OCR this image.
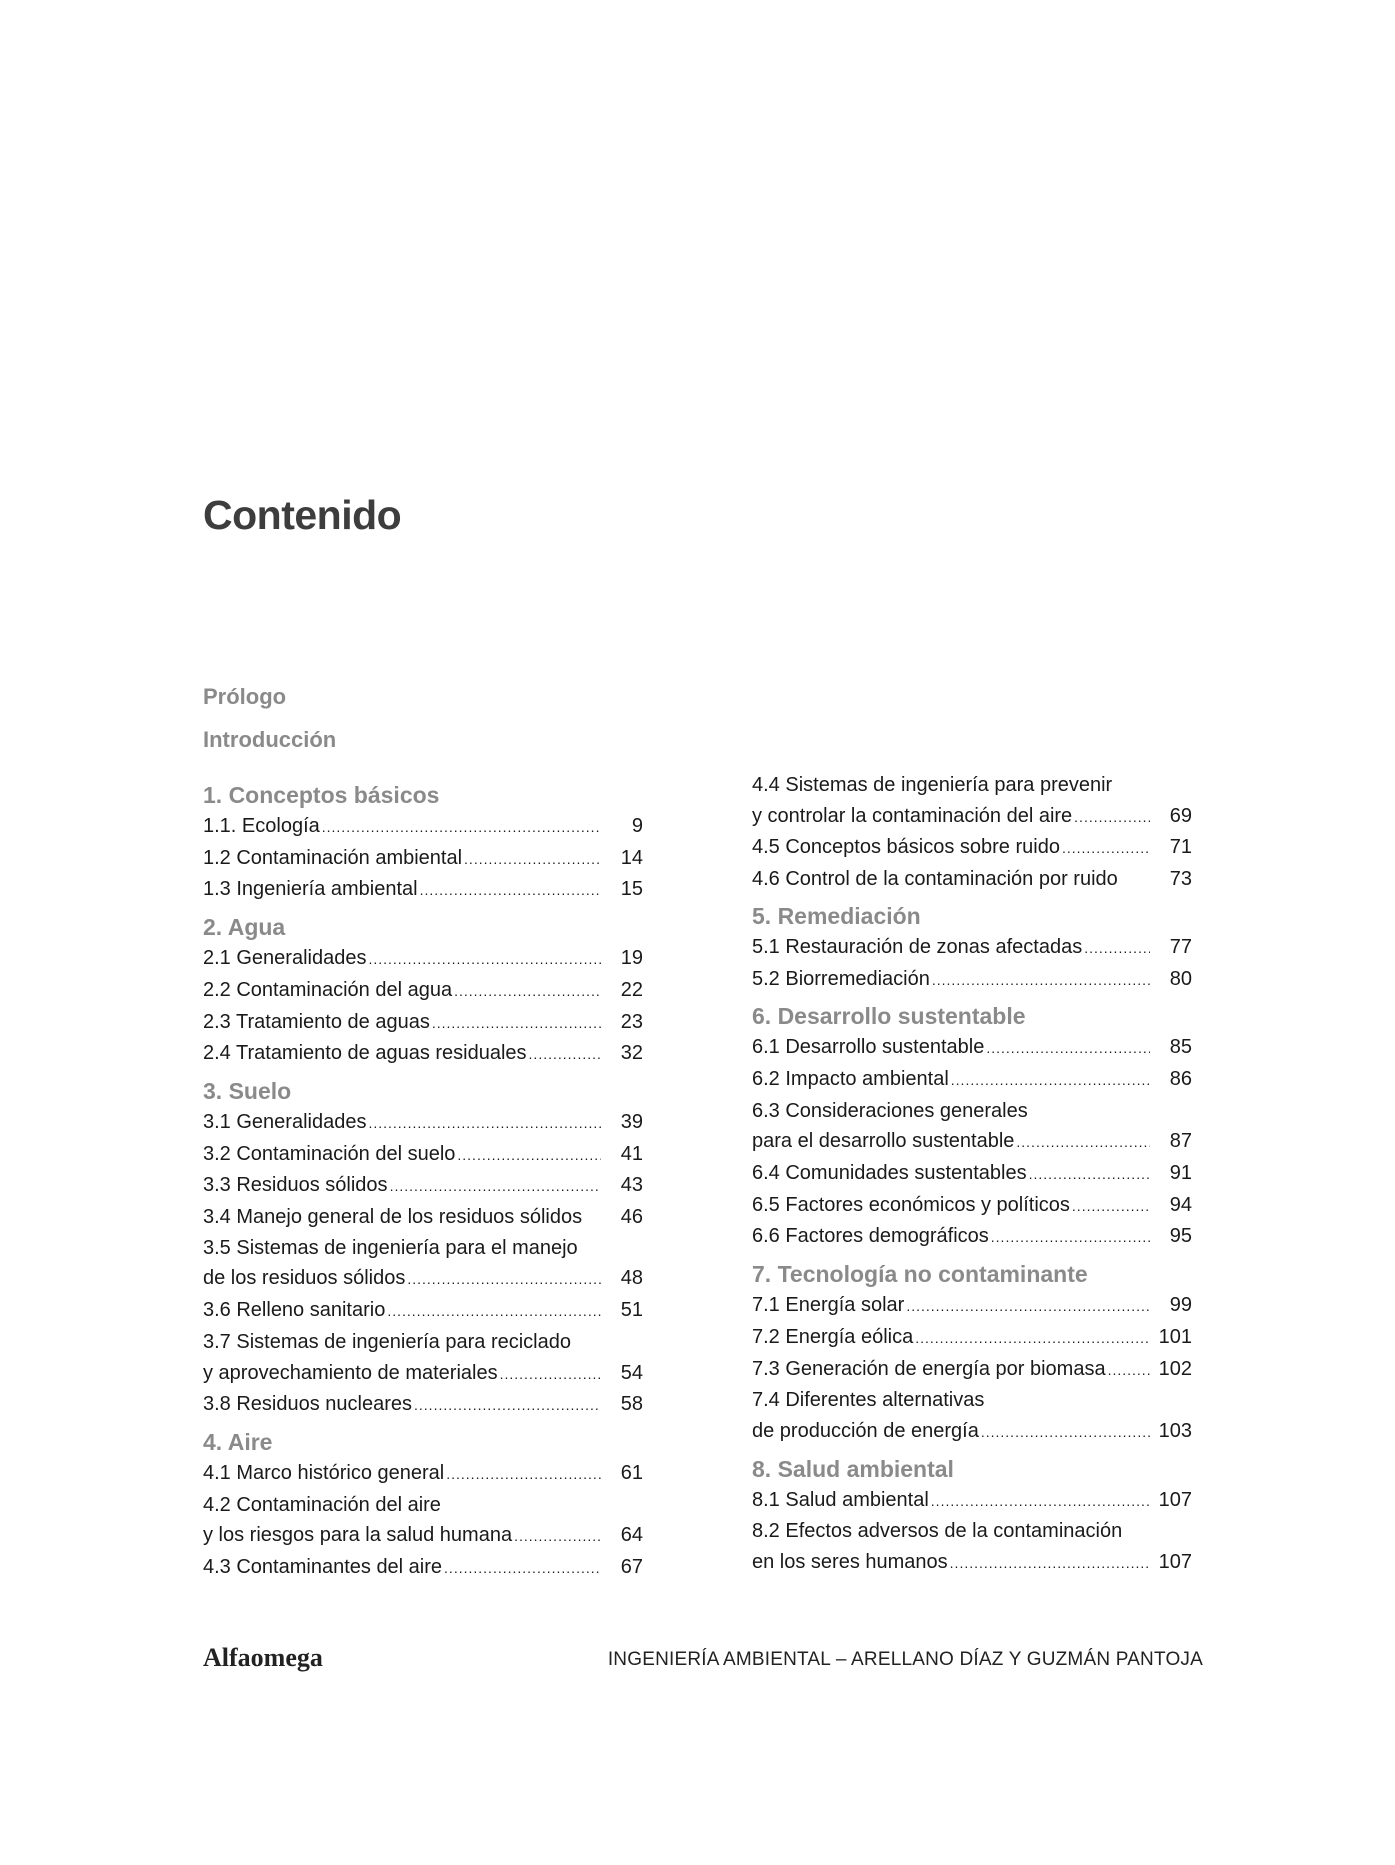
Contenido

Prólogo

Introducción

1. Conceptos básicos
1.1. Ecología .....	9
1.2 Contaminación ambiental .....	14
1.3 Ingeniería ambiental .....	15
2. Agua
2.1 Generalidades .....	19
2.2 Contaminación del agua .....	22
2.3 Tratamiento de aguas .....	23
2.4 Tratamiento de aguas residuales .....	32
3. Suelo
3.1 Generalidades .....	39
3.2 Contaminación del suelo .....	41
3.3 Residuos sólidos .....	43
3.4 Manejo general de los residuos sólidos	46
3.5 Sistemas de ingeniería para el manejo
de los residuos sólidos .....	48
3.6 Relleno sanitario .....	51
3.7 Sistemas de ingeniería para reciclado
y aprovechamiento de materiales .....	54
3.8 Residuos nucleares .....	58
4. Aire
4.1 Marco histórico general .....	61
4.2 Contaminación del aire
y los riesgos para la salud humana .....	64
4.3 Contaminantes del aire .....	67
4.4 Sistemas de ingeniería para prevenir
y controlar la contaminación del aire .....	69
4.5 Conceptos básicos sobre ruido .....	71
4.6 Control de la contaminación por ruido	73
5. Remediación
5.1 Restauración de zonas afectadas .....	77
5.2 Biorremediación .....	80
6. Desarrollo sustentable
6.1 Desarrollo sustentable .....	85
6.2 Impacto ambiental .....	86
6.3 Consideraciones generales
para el desarrollo sustentable .....	87
6.4 Comunidades sustentables .....	91
6.5 Factores económicos y políticos .....	94
6.6 Factores demográficos .....	95
7. Tecnología no contaminante
7.1 Energía solar .....	99
7.2 Energía eólica .....	101
7.3 Generación de energía por biomasa .....	102
7.4 Diferentes alternativas
de producción de energía .....	103
8. Salud ambiental
8.1 Salud ambiental .....	107
8.2 Efectos adversos de la contaminación
en los seres humanos .....	107
Alfaomega	INGENIERÍA AMBIENTAL – ARELLANO DÍAZ Y GUZMÁN PANTOJA
